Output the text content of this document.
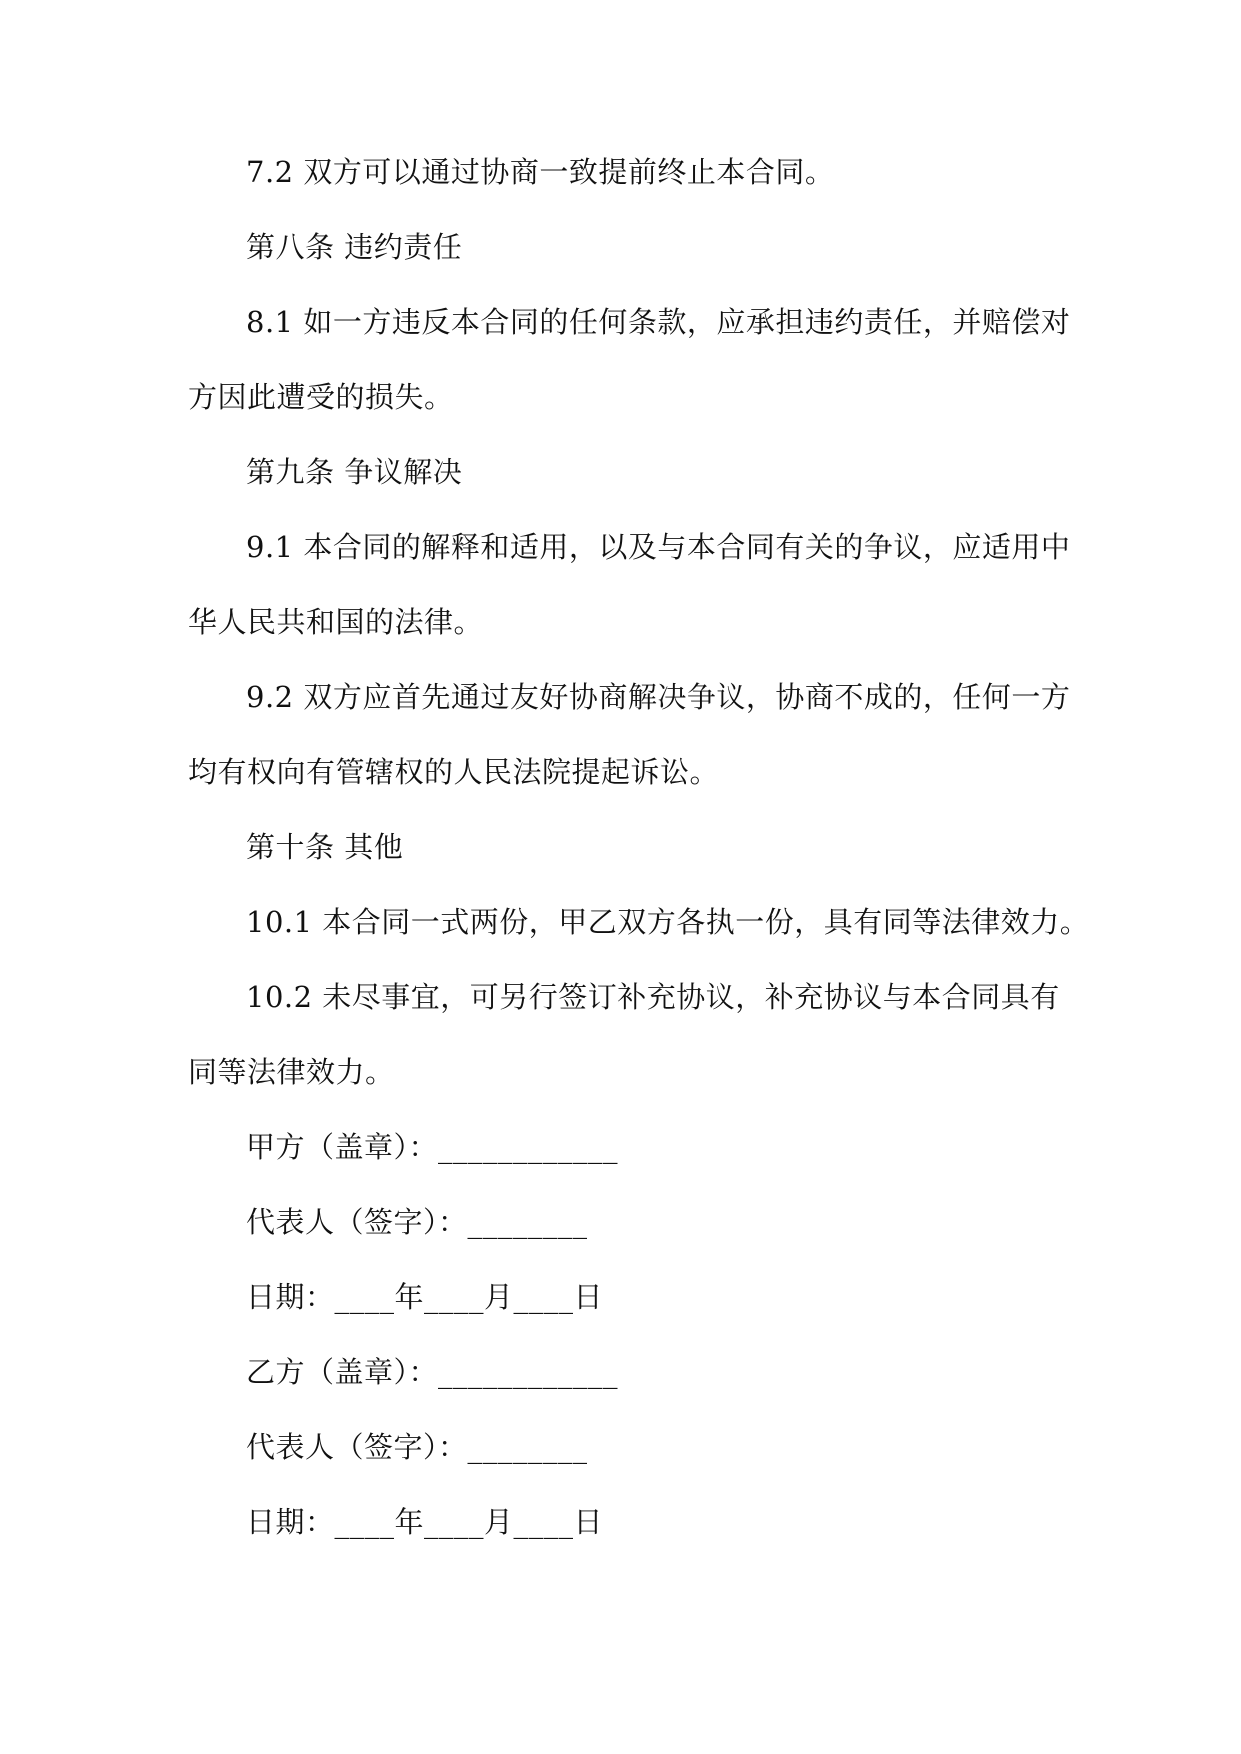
7.2 双方可以通过协商一致提前终止本合同。

第八条 违约责任

8.1 如一方违反本合同的任何条款，应承担违约责任，并赔偿对

方因此遭受的损失。

第九条 争议解决

9.1 本合同的解释和适用，以及与本合同有关的争议，应适用中

华人民共和国的法律。

9.2 双方应首先通过友好协商解决争议，协商不成的，任何一方

均有权向有管辖权的人民法院提起诉讼。

第十条 其他

10.1 本合同一式两份，甲乙双方各执一份，具有同等法律效力。

10.2 未尽事宜，可另行签订补充协议，补充协议与本合同具有

同等法律效力。

甲方（盖章）：____________

代表人（签字）：________

日期：____年____月____日

乙方（盖章）：____________

代表人（签字）：________

日期：____年____月____日
